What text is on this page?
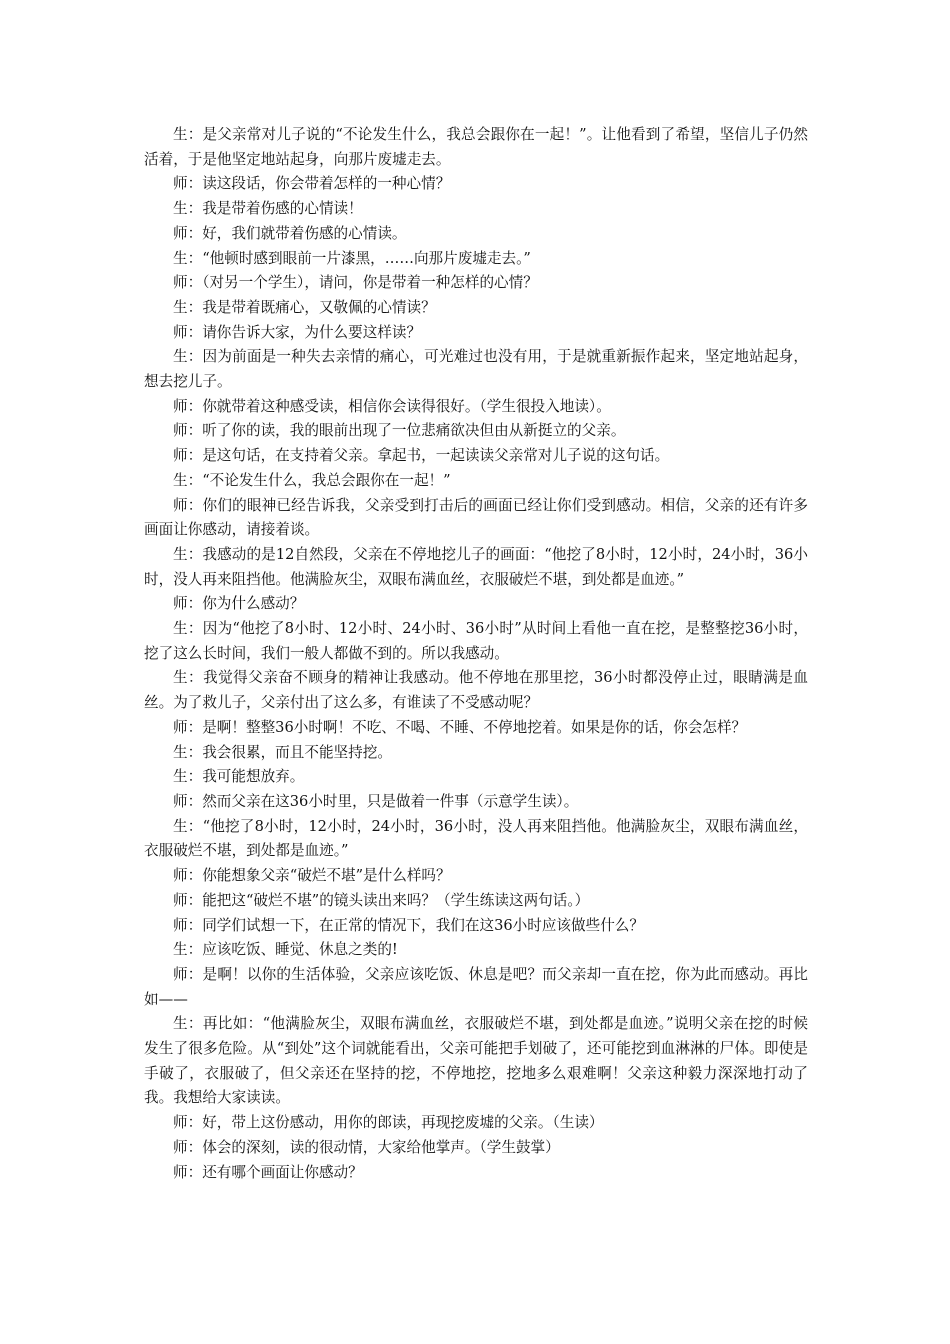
生：是父亲常对儿子说的“不论发生什么，我总会跟你在一起！”。让他看到了希望，坚信儿子仍然活着，于是他坚定地站起身，向那片废墟走去。

师：读这段话，你会带着怎样的一种心情？

生：我是带着伤感的心情读！

师：好，我们就带着伤感的心情读。

生：“他顿时感到眼前一片漆黑，……向那片废墟走去。”

师：（对另一个学生），请问，你是带着一种怎样的心情？

生：我是带着既痛心，又敬佩的心情读？

师：请你告诉大家，为什么要这样读？

生：因为前面是一种失去亲情的痛心，可光难过也没有用，于是就重新振作起来，坚定地站起身，想去挖儿子。

师：你就带着这种感受读，相信你会读得很好。（学生很投入地读）。

师：听了你的读，我的眼前出现了一位悲痛欲决但由从新挺立的父亲。

师：是这句话，在支持着父亲。拿起书，一起读读父亲常对儿子说的这句话。

生：“不论发生什么，我总会跟你在一起！”

师：你们的眼神已经告诉我，父亲受到打击后的画面已经让你们受到感动。相信，父亲的还有许多画面让你感动，请接着谈。

生：我感动的是12自然段，父亲在不停地挖儿子的画面：“他挖了8小时，12小时，24小时，36小时，没人再来阻挡他。他满脸灰尘，双眼布满血丝，衣服破烂不堪，到处都是血迹。”

师：你为什么感动？

生：因为“他挖了8小时、12小时、24小时、36小时”从时间上看他一直在挖，是整整挖36小时，挖了这么长时间，我们一般人都做不到的。所以我感动。

生：我觉得父亲奋不顾身的精神让我感动。他不停地在那里挖，36小时都没停止过，眼睛满是血丝。为了救儿子，父亲付出了这么多，有谁读了不受感动呢？

师：是啊！整整36小时啊！不吃、不喝、不睡、不停地挖着。如果是你的话，你会怎样？

生：我会很累，而且不能坚持挖。

生：我可能想放弃。

师：然而父亲在这36小时里，只是做着一件事（示意学生读）。

生：“他挖了8小时，12小时，24小时，36小时，没人再来阻挡他。他满脸灰尘，双眼布满血丝，衣服破烂不堪，到处都是血迹。”

师：你能想象父亲“破烂不堪”是什么样吗？

师：能把这“破烂不堪”的镜头读出来吗？（学生练读这两句话。）

师：同学们试想一下，在正常的情况下，我们在这36小时应该做些什么？

生：应该吃饭、睡觉、休息之类的!

师：是啊！以你的生活体验，父亲应该吃饭、休息是吧？而父亲却一直在挖，你为此而感动。再比如——

生：再比如：“他满脸灰尘，双眼布满血丝，衣服破烂不堪，到处都是血迹。”说明父亲在挖的时候发生了很多危险。从“到处”这个词就能看出，父亲可能把手划破了，还可能挖到血淋淋的尸体。即使是手破了，衣服破了，但父亲还在坚持的挖，不停地挖，挖地多么艰难啊！父亲这种毅力深深地打动了我。我想给大家读读。

师：好，带上这份感动，用你的郎读，再现挖废墟的父亲。（生读）

师：体会的深刻，读的很动情，大家给他掌声。（学生鼓掌）

师：还有哪个画面让你感动？
